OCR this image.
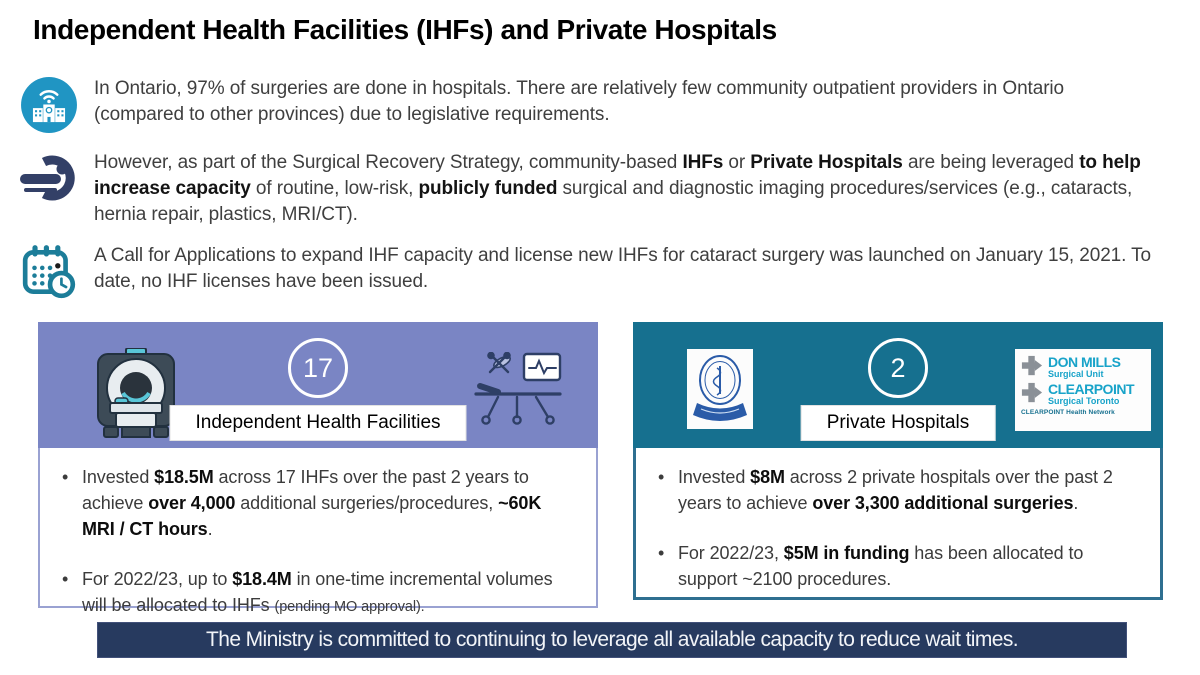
Independent Health Facilities (IHFs) and Private Hospitals
In Ontario, 97% of surgeries are done in hospitals. There are relatively few community outpatient providers in Ontario (compared to other provinces) due to legislative requirements.
However, as part of the Surgical Recovery Strategy, community-based IHFs or Private Hospitals are being leveraged to help increase capacity of routine, low-risk, publicly funded surgical and diagnostic imaging procedures/services (e.g., cataracts, hernia repair, plastics, MRI/CT).
A Call for Applications to expand IHF capacity and license new IHFs for cataract surgery was launched on January 15, 2021. To date, no IHF licenses have been issued.
17
Independent Health Facilities
• Invested $18.5M across 17 IHFs over the past 2 years to achieve over 4,000 additional surgeries/procedures, ~60K MRI / CT hours.
• For 2022/23, up to $18.4M in one-time incremental volumes will be allocated to IHFs (pending MO approval).
2
Private Hospitals
DON MILLS
Surgical Unit
CLEARPOINT
Surgical Toronto
CLEARPOINT Health Network
• Invested $8M across 2 private hospitals over the past 2 years to achieve over 3,300 additional surgeries.
• For 2022/23, $5M in funding has been allocated to support ~2100 procedures.
The Ministry is committed to continuing to leverage all available capacity to reduce wait times.
